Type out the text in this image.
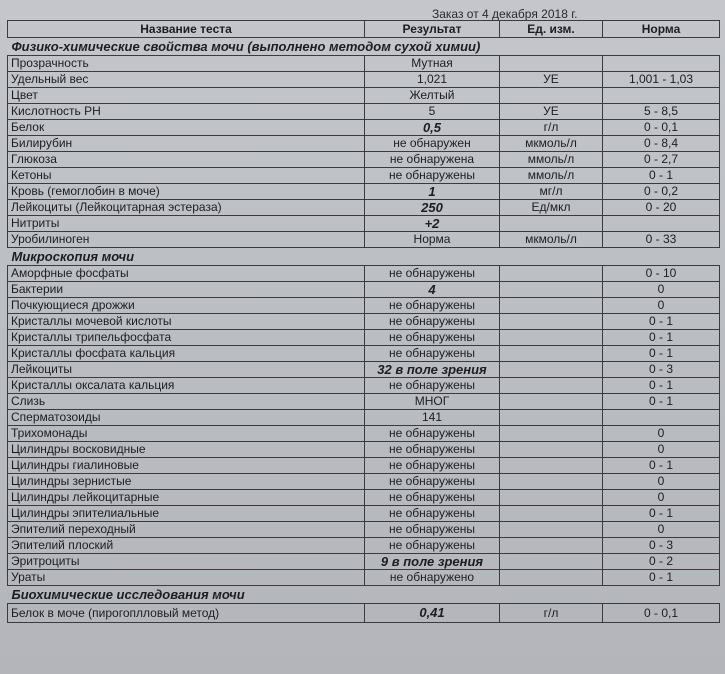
Заказ от 4 декабря 2018 г.
Название теста	Результат	Ед. изм.	Норма
Физико-химические свойства мочи (выполнено методом сухой химии)			
Прозрачность	Мутная		
Удельный вес	1,021	УЕ	1,001 - 1,03
Цвет	Желтый		
Кислотность РН	5	УЕ	5 - 8,5
Белок	0,5	г/л	0 - 0,1
Билирубин	не обнаружен	мкмоль/л	0 - 8,4
Глюкоза	не обнаружена	ммоль/л	0 - 2,7
Кетоны	не обнаружены	ммоль/л	0 - 1
Кровь (гемоглобин в моче)	1	мг/л	0 - 0,2
Лейкоциты (Лейкоцитарная эстераза)	250	Ед/мкл	0 - 20
Нитриты	+2		
Уробилиноген	Норма	мкмоль/л	0 - 33
Микроскопия мочи			
Аморфные фосфаты	не обнаружены		0 - 10
Бактерии	4		0
Почкующиеся дрожжи	не обнаружены		0
Кристаллы мочевой кислоты	не обнаружены		0 - 1
Кристаллы трипельфосфата	не обнаружены		0 - 1
Кристаллы фосфата кальция	не обнаружены		0 - 1
Лейкоциты	32 в поле зрения		0 - 3
Кристаллы оксалата кальция	не обнаружены		0 - 1
Слизь	МНОГ		0 - 1
Сперматозоиды	141		
Трихомонады	не обнаружены		0
Цилиндры восковидные	не обнаружены		0
Цилиндры гиалиновые	не обнаружены		0 - 1
Цилиндры зернистые	не обнаружены		0
Цилиндры лейкоцитарные	не обнаружены		0
Цилиндры эпителиальные	не обнаружены		0 - 1
Эпителий переходный	не обнаружены		0
Эпителий плоский	не обнаружены		0 - 3
Эритроциты	9 в поле зрения		0 - 2
Ураты	не обнаружено		0 - 1
Биохимические исследования мочи			
Белок в моче (пирогоплловый метод)	0,41	г/л	0 - 0,1
